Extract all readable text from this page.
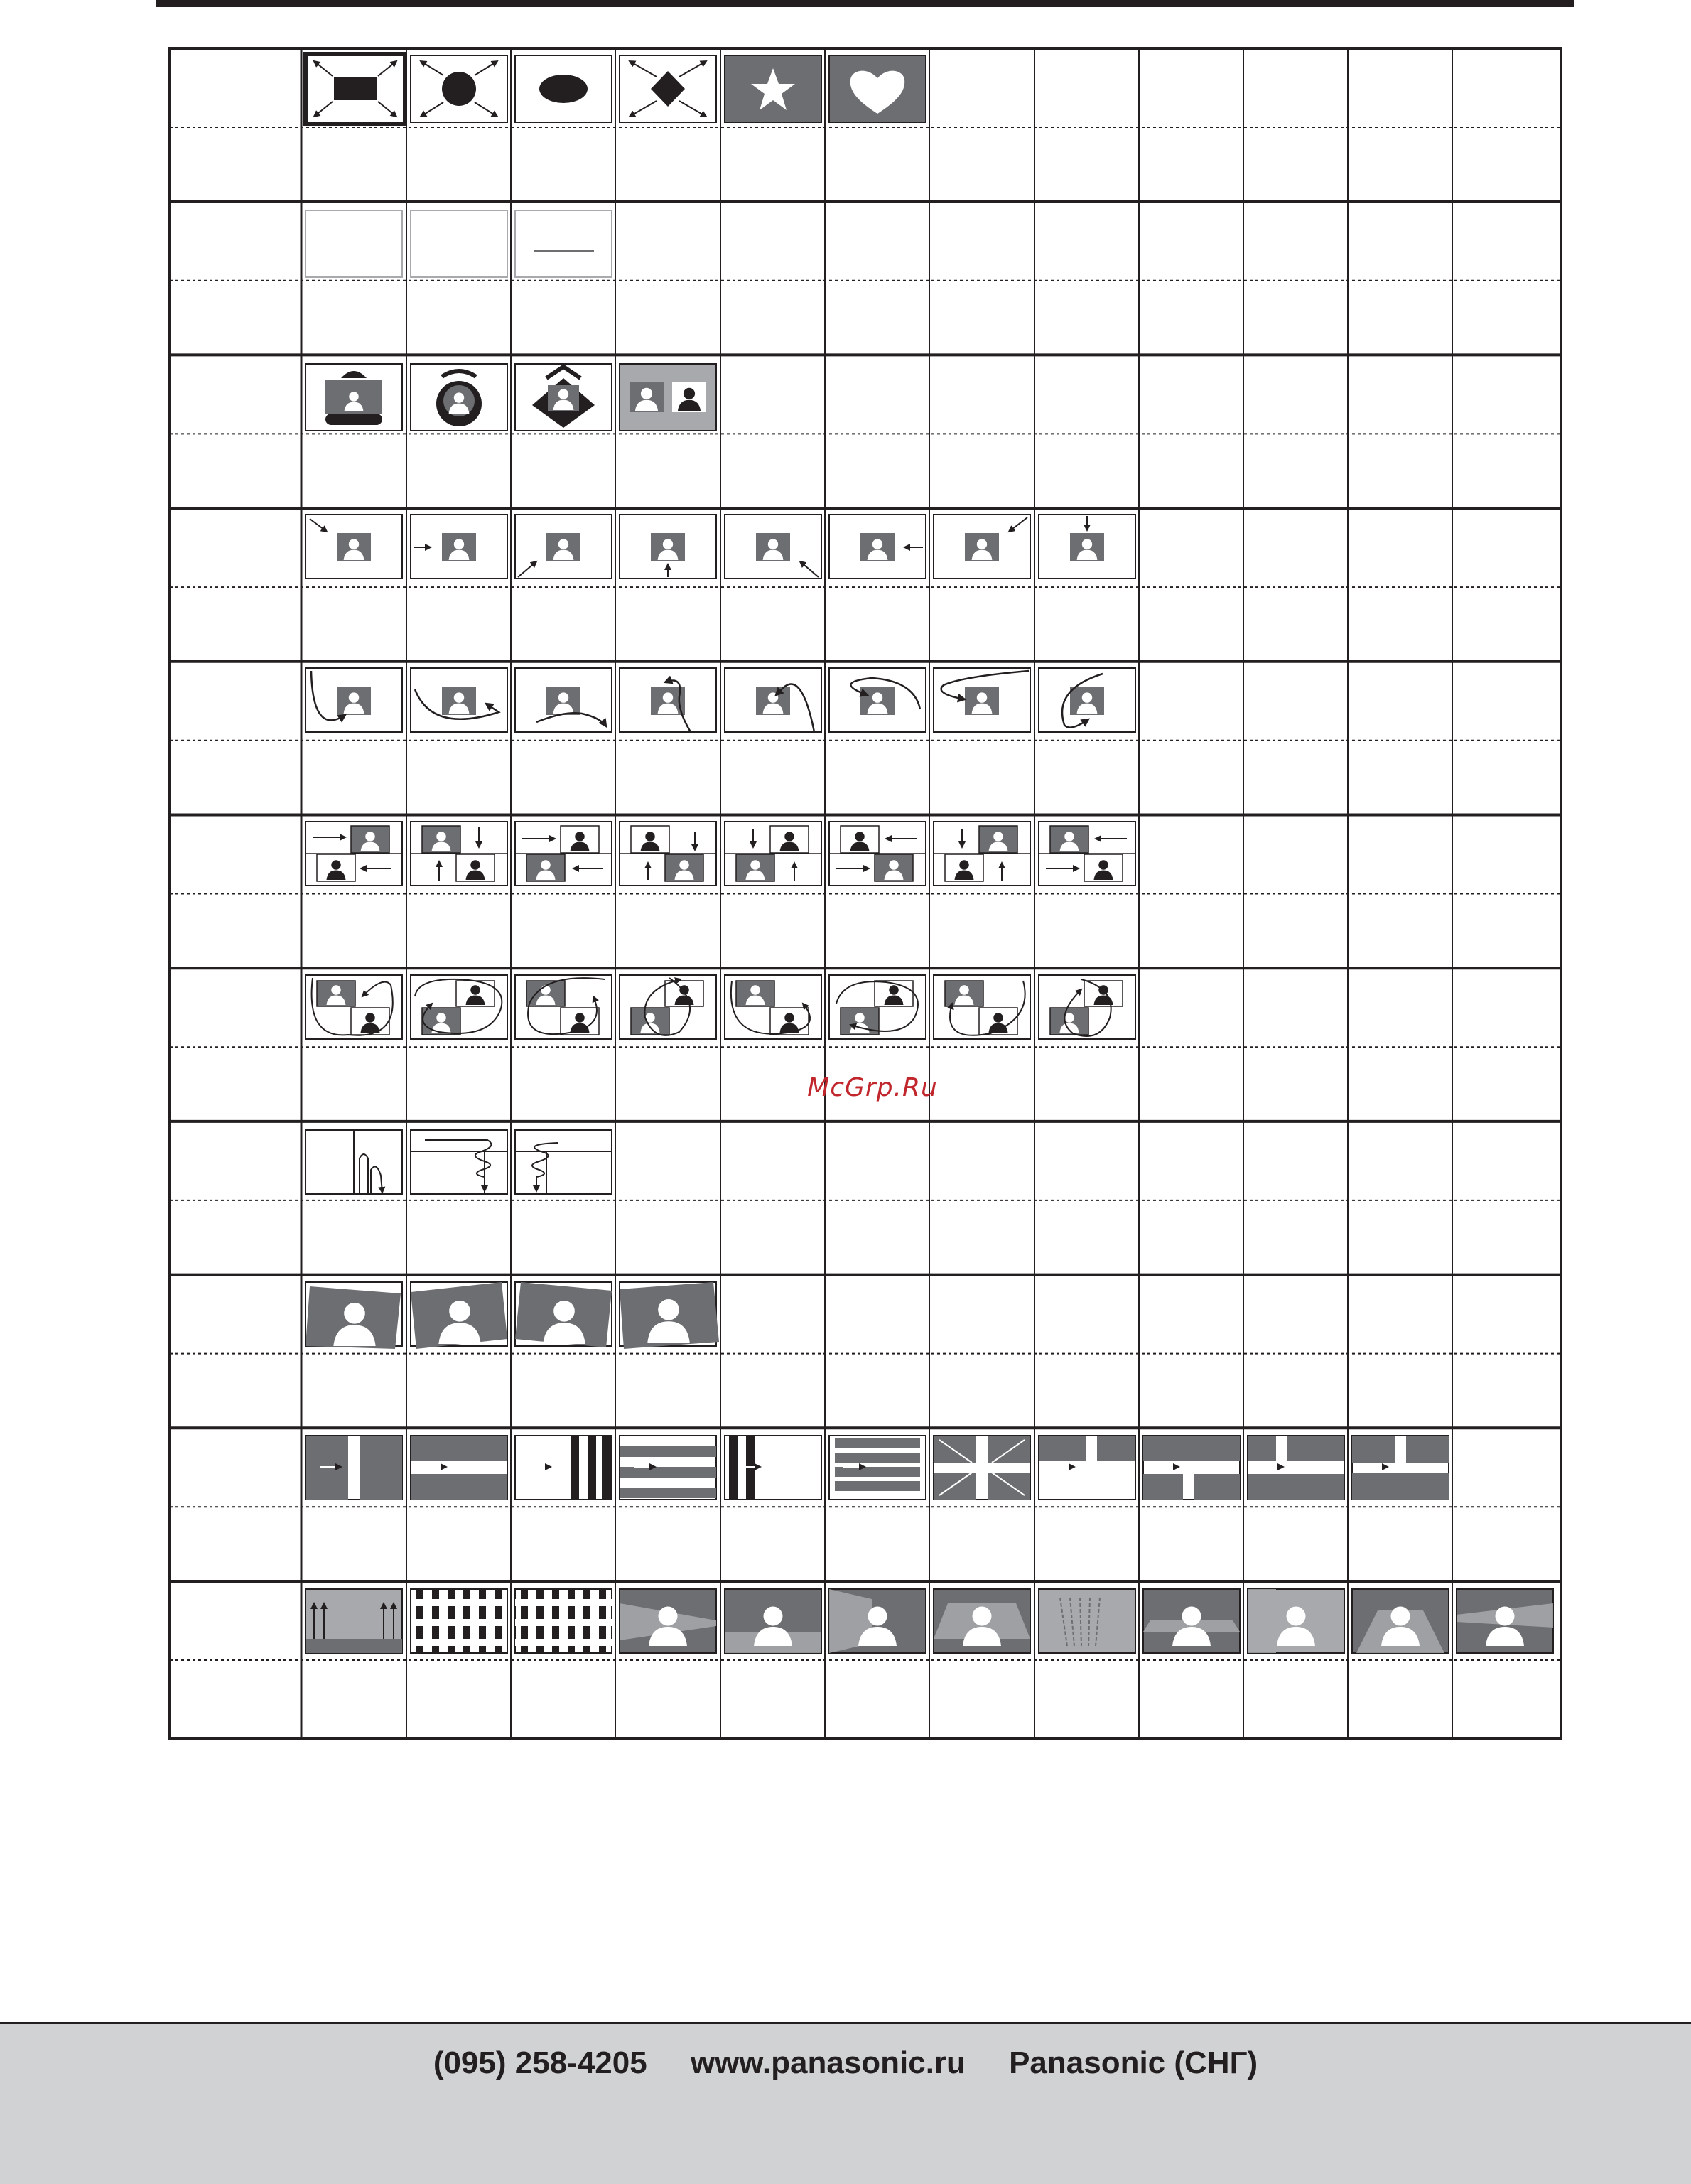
McGrp.Ru
(095) 258-4205 www.panasonic.ru Panasonic (СНГ)
